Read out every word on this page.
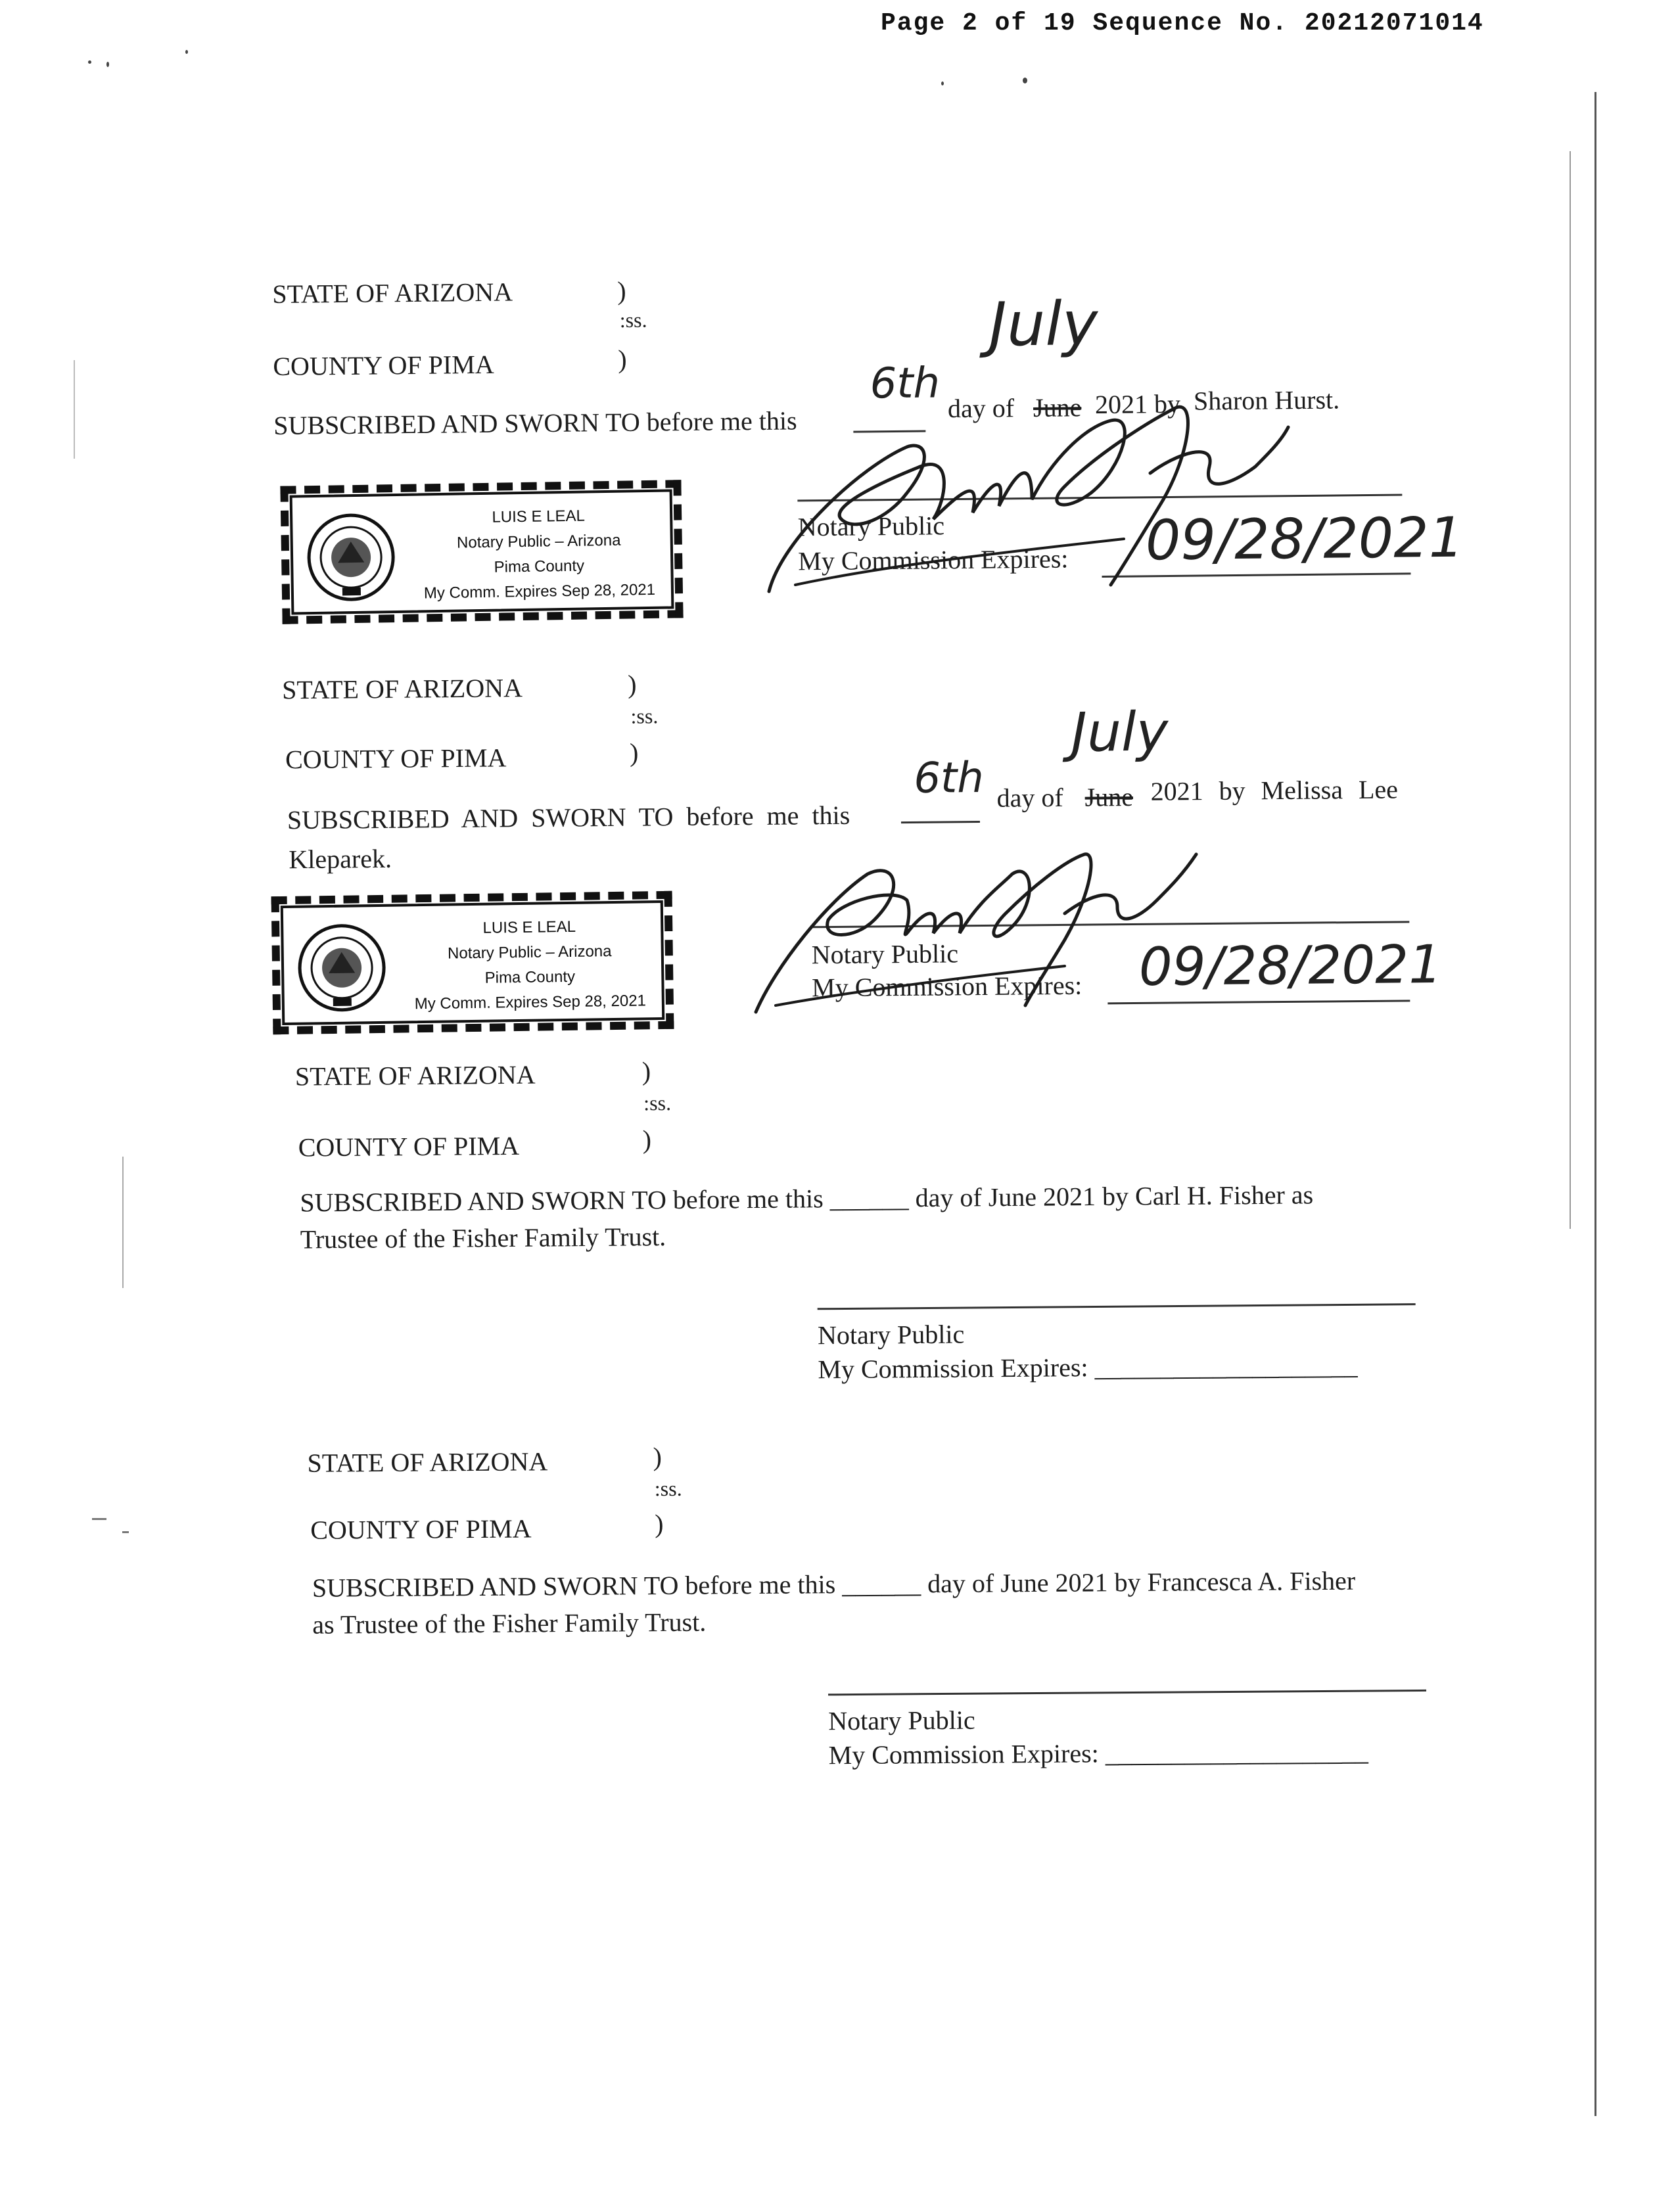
Page 2 of 19 Sequence No. 20212071014
STATE OF ARIZONA	)
:ss.
COUNTY OF PIMA	)
SUBSCRIBED AND SWORN TO before me this
6th day of June
July
2021 by Sharon Hurst.
Notary Public
My Commission Expires: 09/28/2021
LUIS E LEAL
Notary Public – Arizona
Pima County
My Comm. Expires Sep 28, 2021
STATE OF ARIZONA	)
:ss.
COUNTY OF PIMA	)
SUBSCRIBED AND SWORN TO before me this
6th day of June
July
2021 by Melissa Lee
Kleparek.
Notary Public
My Commission Expires: 09/28/2021
LUIS E LEAL
Notary Public – Arizona
Pima County
My Comm. Expires Sep 28, 2021
STATE OF ARIZONA	)
:ss.
COUNTY OF PIMA	)
SUBSCRIBED AND SWORN TO before me this ______ day of June 2021 by Carl H. Fisher as
Trustee of the Fisher Family Trust.
Notary Public
My Commission Expires: ____________________
STATE OF ARIZONA	)
:ss.
COUNTY OF PIMA	)
SUBSCRIBED AND SWORN TO before me this ______ day of June 2021 by Francesca A. Fisher
as Trustee of the Fisher Family Trust.
Notary Public
My Commission Expires: ____________________
